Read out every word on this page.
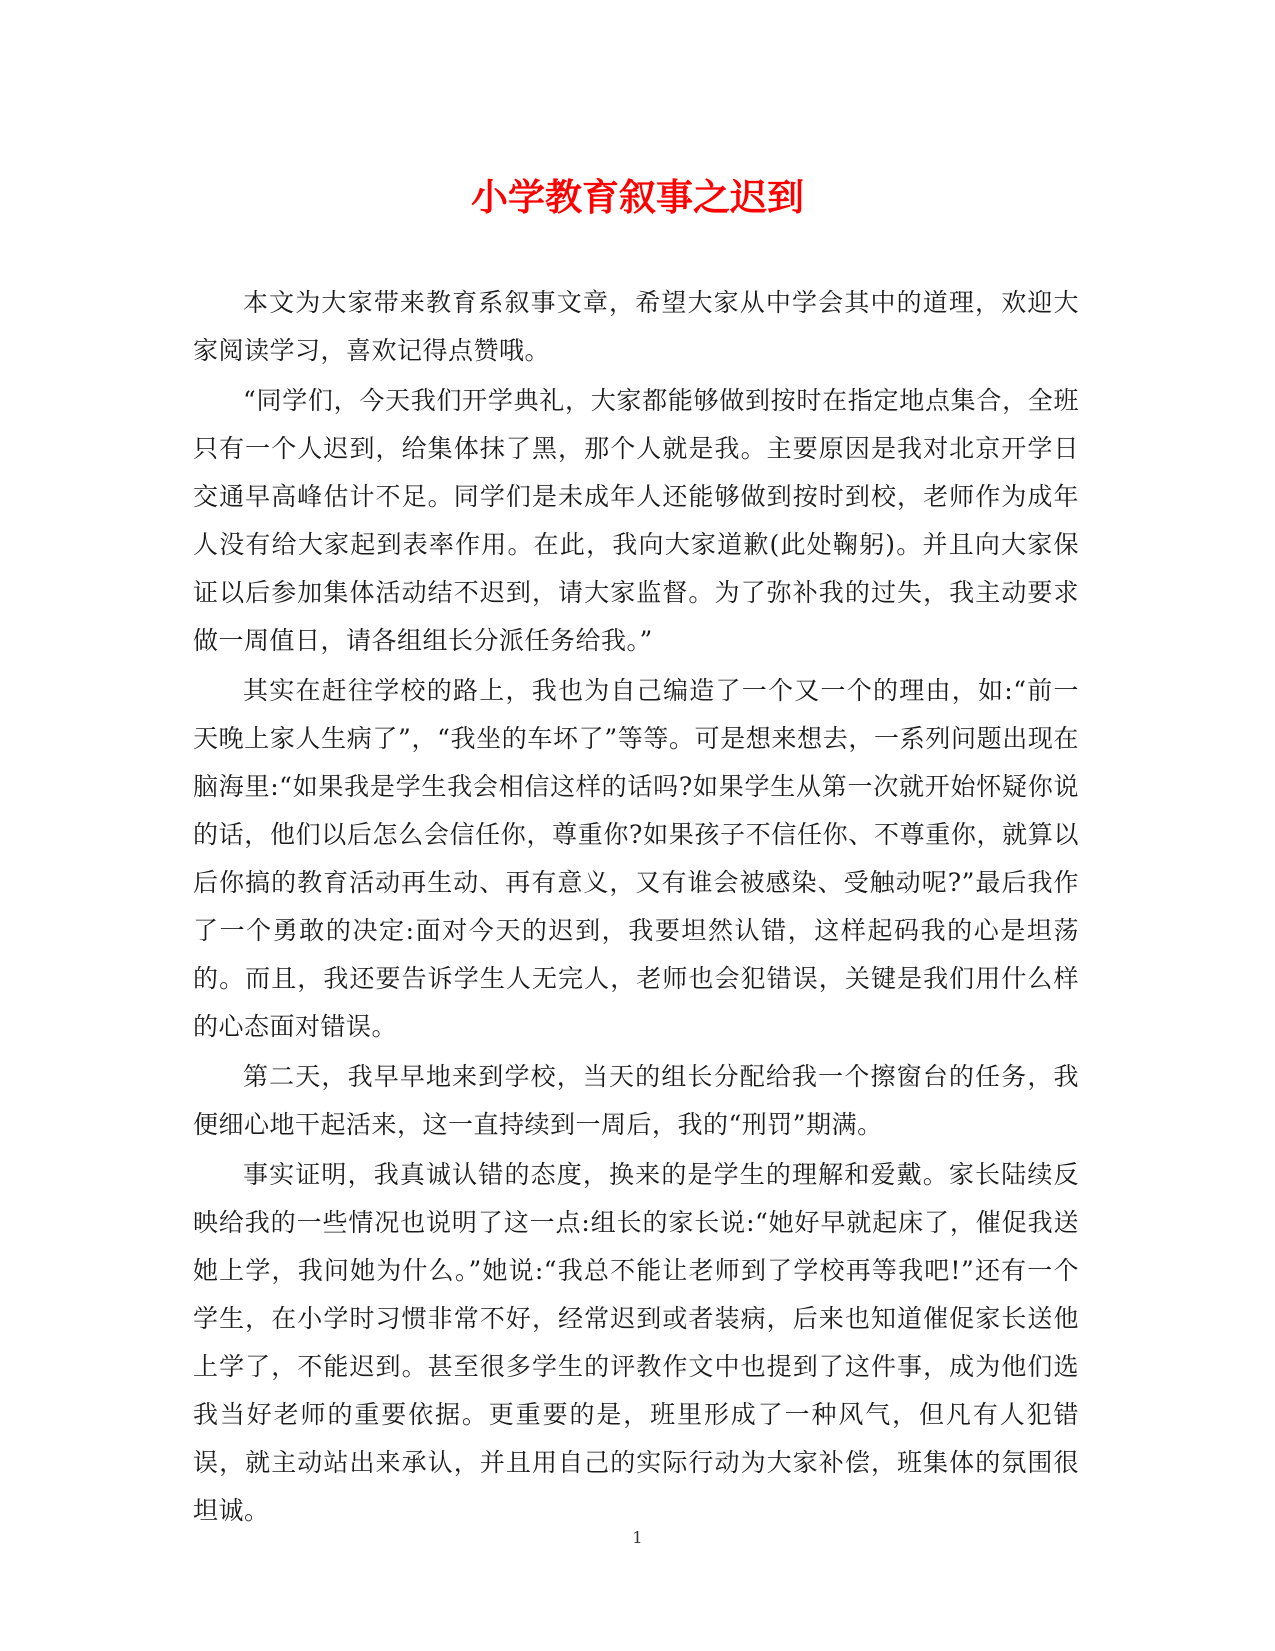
小学教育叙事之迟到

本文为大家带来教育系叙事文章，希望大家从中学会其中的道理，欢迎大家阅读学习，喜欢记得点赞哦。

“同学们，今天我们开学典礼，大家都能够做到按时在指定地点集合，全班只有一个人迟到，给集体抹了黑，那个人就是我。主要原因是我对北京开学日交通早高峰估计不足。同学们是未成年人还能够做到按时到校，老师作为成年人没有给大家起到表率作用。在此，我向大家道歉(此处鞠躬)。并且向大家保证以后参加集体活动结不迟到，请大家监督。为了弥补我的过失，我主动要求做一周值日，请各组组长分派任务给我。”

其实在赶往学校的路上，我也为自己编造了一个又一个的理由，如:“前一天晚上家人生病了”，“我坐的车坏了”等等。可是想来想去，一系列问题出现在脑海里:“如果我是学生我会相信这样的话吗?如果学生从第一次就开始怀疑你说的话，他们以后怎么会信任你，尊重你?如果孩子不信任你、不尊重你，就算以后你搞的教育活动再生动、再有意义，又有谁会被感染、受触动呢?”最后我作了一个勇敢的决定:面对今天的迟到，我要坦然认错，这样起码我的心是坦荡的。而且，我还要告诉学生人无完人，老师也会犯错误，关键是我们用什么样的心态面对错误。

第二天，我早早地来到学校，当天的组长分配给我一个擦窗台的任务，我便细心地干起活来，这一直持续到一周后，我的“刑罚”期满。

事实证明，我真诚认错的态度，换来的是学生的理解和爱戴。家长陆续反映给我的一些情况也说明了这一点:组长的家长说:“她好早就起床了，催促我送她上学，我问她为什么。”她说:“我总不能让老师到了学校再等我吧!”还有一个学生，在小学时习惯非常不好，经常迟到或者装病，后来也知道催促家长送他上学了，不能迟到。甚至很多学生的评教作文中也提到了这件事，成为他们选我当好老师的重要依据。更重要的是，班里形成了一种风气，但凡有人犯错误，就主动站出来承认，并且用自己的实际行动为大家补偿，班集体的氛围很坦诚。

1
